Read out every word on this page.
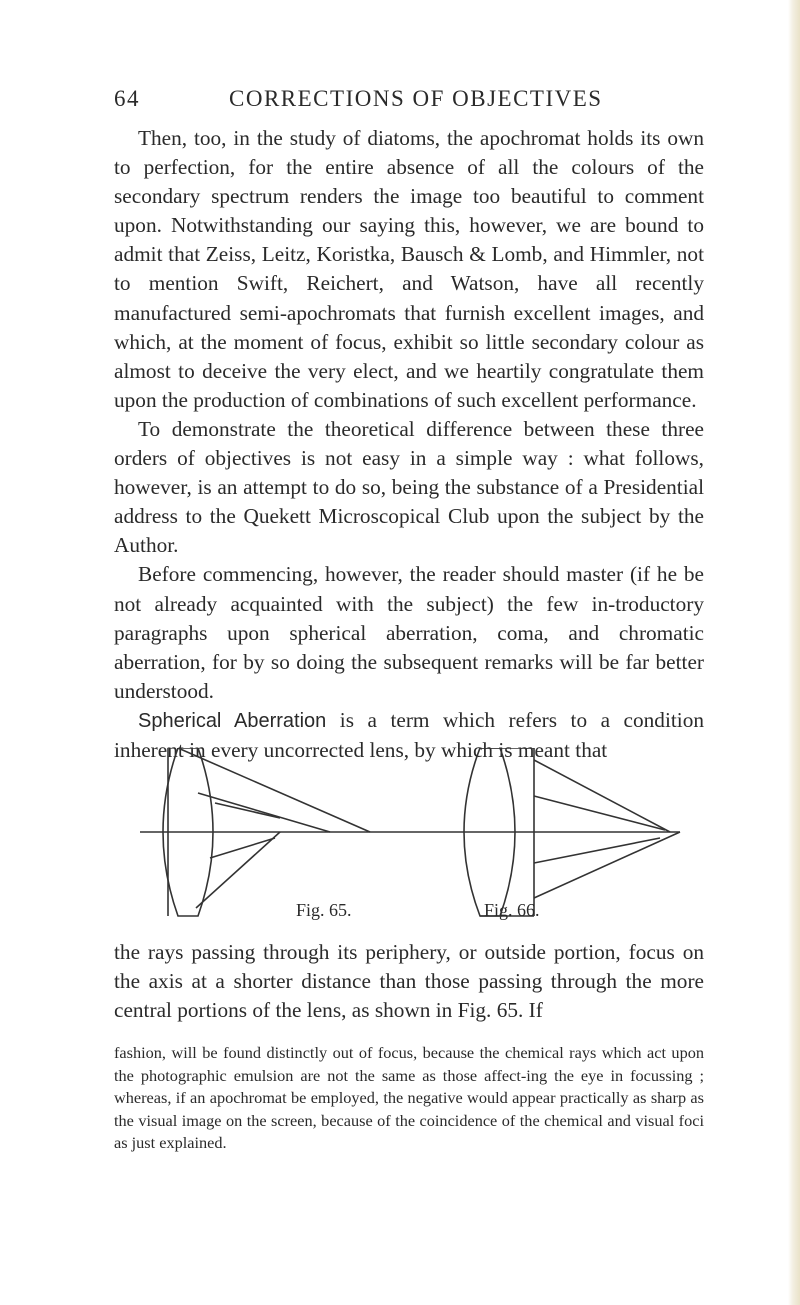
64	CORRECTIONS OF OBJECTIVES

Then, too, in the study of diatoms, the apochromat holds its own to perfection, for the entire absence of all the colours of the secondary spectrum renders the image too beautiful to comment upon. Notwithstanding our saying this, however, we are bound to admit that Zeiss, Leitz, Koristka, Bausch & Lomb, and Himmler, not to mention Swift, Reichert, and Watson, have all recently manufactured semi-apochromats that furnish excellent images, and which, at the moment of focus, exhibit so little secondary colour as almost to deceive the very elect, and we heartily congratulate them upon the production of combinations of such excellent performance.

To demonstrate the theoretical difference between these three orders of objectives is not easy in a simple way : what follows, however, is an attempt to do so, being the substance of a Presidential address to the Quekett Microscopical Club upon the subject by the Author.

Before commencing, however, the reader should master (if he be not already acquainted with the subject) the few in-troductory paragraphs upon spherical aberration, coma, and chromatic aberration, for by so doing the subsequent remarks will be far better understood.

Spherical Aberration is a term which refers to a condition inherent in every uncorrected lens, by which is meant that

Fig. 65.	Fig. 66.

the rays passing through its periphery, or outside portion, focus on the axis at a shorter distance than those passing through the more central portions of the lens, as shown in Fig. 65. If

fashion, will be found distinctly out of focus, because the chemical rays which act upon the photographic emulsion are not the same as those affect-ing the eye in focussing ; whereas, if an apochromat be employed, the negative would appear practically as sharp as the visual image on the screen, because of the coincidence of the chemical and visual foci as just explained.
